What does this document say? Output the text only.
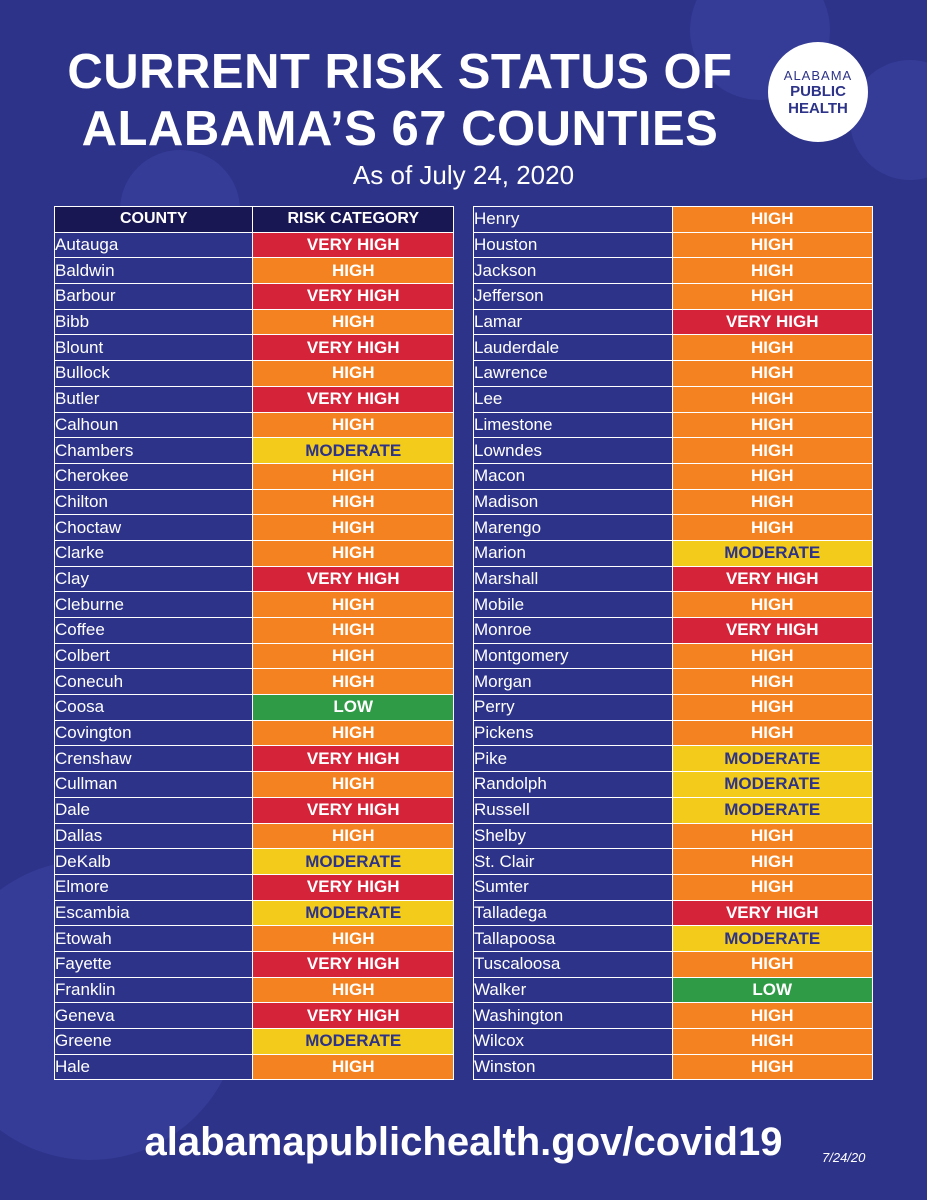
CURRENT RISK STATUS OF
ALABAMA’S 67 COUNTIES
ALABAMA
PUBLIC
HEALTH
As of July 24, 2020
COUNTY	RISK CATEGORY
Autauga	VERY HIGH
Baldwin	HIGH
Barbour	VERY HIGH
Bibb	HIGH
Blount	VERY HIGH
Bullock	HIGH
Butler	VERY HIGH
Calhoun	HIGH
Chambers	MODERATE
Cherokee	HIGH
Chilton	HIGH
Choctaw	HIGH
Clarke	HIGH
Clay	VERY HIGH
Cleburne	HIGH
Coffee	HIGH
Colbert	HIGH
Conecuh	HIGH
Coosa	LOW
Covington	HIGH
Crenshaw	VERY HIGH
Cullman	HIGH
Dale	VERY HIGH
Dallas	HIGH
DeKalb	MODERATE
Elmore	VERY HIGH
Escambia	MODERATE
Etowah	HIGH
Fayette	VERY HIGH
Franklin	HIGH
Geneva	VERY HIGH
Greene	MODERATE
Hale	HIGH
Henry	HIGH
Houston	HIGH
Jackson	HIGH
Jefferson	HIGH
Lamar	VERY HIGH
Lauderdale	HIGH
Lawrence	HIGH
Lee	HIGH
Limestone	HIGH
Lowndes	HIGH
Macon	HIGH
Madison	HIGH
Marengo	HIGH
Marion	MODERATE
Marshall	VERY HIGH
Mobile	HIGH
Monroe	VERY HIGH
Montgomery	HIGH
Morgan	HIGH
Perry	HIGH
Pickens	HIGH
Pike	MODERATE
Randolph	MODERATE
Russell	MODERATE
Shelby	HIGH
St. Clair	HIGH
Sumter	HIGH
Talladega	VERY HIGH
Tallapoosa	MODERATE
Tuscaloosa	HIGH
Walker	LOW
Washington	HIGH
Wilcox	HIGH
Winston	HIGH
alabamapublichealth.gov/covid19	7/24/20
